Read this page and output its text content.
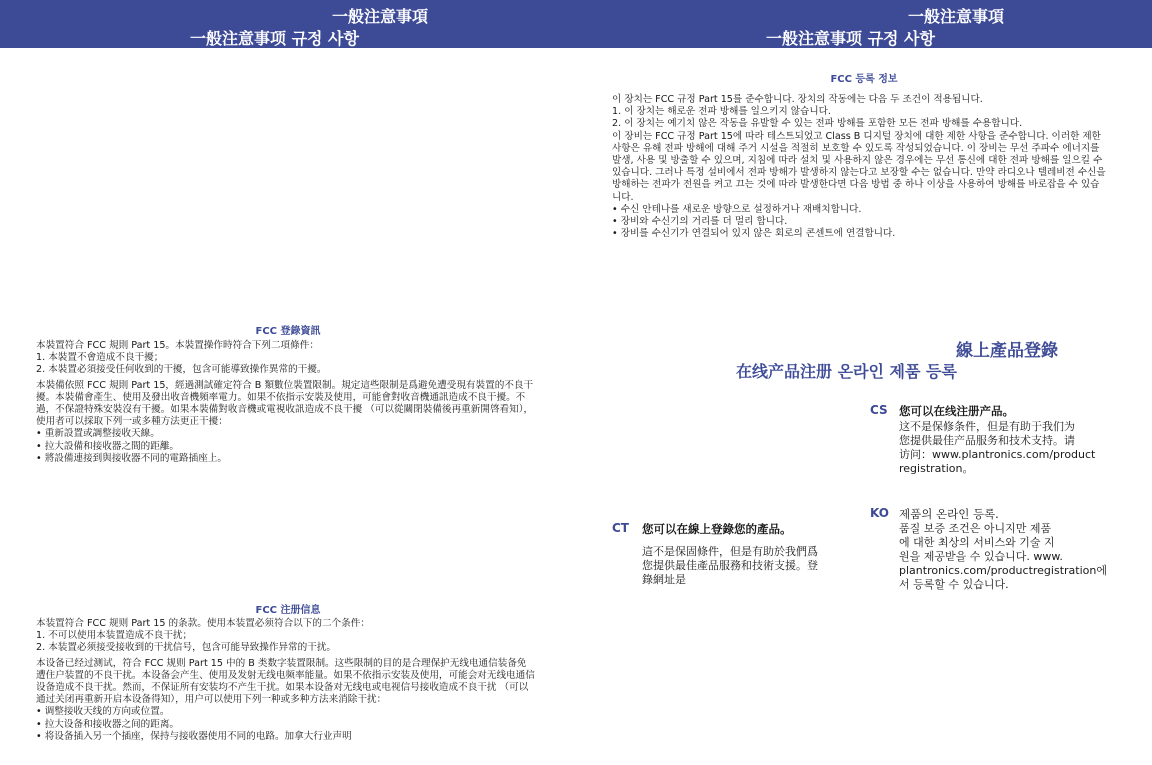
一般注意事項
一般注意事项 규정 사항
FCC 登錄資訊

本裝置符合 FCC 規則 Part 15。本裝置操作時符合下列二項條件：

1. 本裝置不會造成不良干擾；

2. 本裝置必須接受任何收到的干擾，包含可能導致操作異常的干擾。

本裝備依照 FCC 規則 Part 15，經過測試確定符合 B 類數位裝置限制。規定這些限制是爲避免遭受現有裝置的不良干擾。本裝備會產生、使用及發出收音機頻率電力。如果不依指示安裝及使用，可能會對收音機通訊造成不良干擾。不過，不保證特殊安裝沒有干擾。如果本裝備對收音機或電視收訊造成不良干擾 （可以從關閉裝備後再重新開啓看知），使用者可以採取下列一或多種方法更正干擾：

• 重新設置或調整接收天線。

• 拉大設備和接收器之間的距離。

• 將設備連接到與接收器不同的電路插座上。

FCC 注册信息

本装置符合 FCC 规则 Part 15 的条款。使用本装置必须符合以下的二个条件：

1. 不可以使用本装置造成不良干扰；

2. 本装置必须接受接收到的干扰信号，包含可能导致操作异常的干扰。

本设备已经过测试，符合 FCC 规则 Part 15 中的 B 类数字装置限制。这些限制的目的是合理保护无线电通信装备免遭住户装置的不良干扰。本设备会产生、使用及发射无线电频率能量。如果不依指示安装及使用，可能会对无线电通信设备造成不良干扰。然而，不保证所有安装均不产生干扰。如果本设备对无线电或电视信号接收造成不良干扰 （可以通过关闭再重新开启本设备得知），用户可以使用下列一种或多种方法来消除干扰：

• 调整接收天线的方向或位置。

• 拉大设备和接收器之间的距离。

• 将设备插入另一个插座，保持与接收器使用不同的电路。加拿大行业声明

一般注意事項
一般注意事项 규정 사항
FCC 등록 정보

이 장치는 FCC 규정 Part 15를 준수합니다. 장치의 작동에는 다음 두 조건이 적용됩니다.

1. 이 장치는 해로운 전파 방해를 일으키지 않습니다.

2. 이 장치는 예기치 않은 작동을 유발할 수 있는 전파 방해를 포함한 모든 전파 방해를 수용합니다.

이 장비는 FCC 규정 Part 15에 따라 테스트되었고 Class B 디지털 장치에 대한 제한 사항을 준수합니다. 이러한 제한 사항은 유해 전파 방해에 대해 주거 시설을 적절히 보호할 수 있도록 작성되었습니다. 이 장비는 무선 주파수 에너지를 발생, 사용 및 방출할 수 있으며, 지침에 따라 설치 및 사용하지 않은 경우에는 무선 통신에 대한 전파 방해를 일으킬 수 있습니다. 그러나 특정 설비에서 전파 방해가 발생하지 않는다고 보장할 수는 없습니다. 만약 라디오나 텔레비전 수신을 방해하는 전파가 전원을 켜고 끄는 것에 따라 발생한다면 다음 방법 중 하나 이상을 사용하여 방해를 바로잡을 수 있습니다.

• 수신 안테나를 새로운 방향으로 설정하거나 재배치합니다.

• 장비와 수신기의 거리를 더 멀리 합니다.

• 장비를 수신기가 연결되어 있지 않은 회로의 콘센트에 연결합니다.

線上產品登錄
在线产品注册 온라인 제품 등록
CS 您可以在线注册产品。

这不是保修条件，但是有助于我们为

您提供最佳产品服务和技术支持。请

访问：www.plantronics.com/product

registration。

KO 제품의 온라인 등록.

품질 보증 조건은 아니지만 제품

에 대한 최상의 서비스와 기술 지

원을 제공받을 수 있습니다. www.

plantronics.com/productregistration에

서 등록할 수 있습니다.

CT 您可以在線上登錄您的產品。

這不是保固條件，但是有助於我們爲

您提供最佳產品服務和技術支援。登

錄網址是
